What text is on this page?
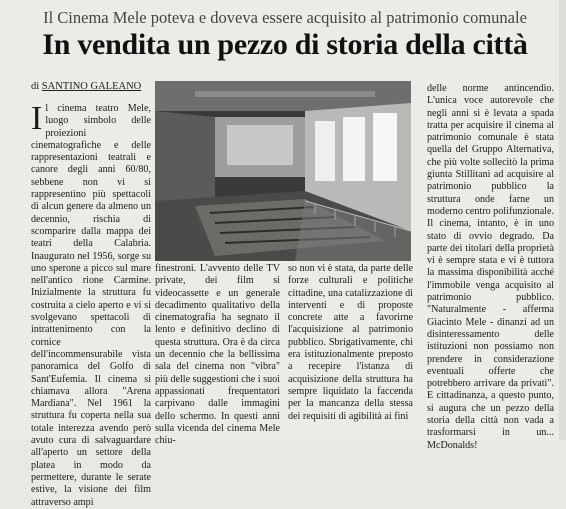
Il Cinema Mele poteva e doveva essere acquisito al patrimonio comunale
In vendita un pezzo di storia della città
di SANTINO GALEANO
I l cinema teatro Mele, luogo simbolo delle proiezioni cinematografiche e delle rappresentazioni teatrali e canore degli anni 60/80, sebbene non vi si rappresentino più spettacoli di alcun genere da almeno un decennio, rischia di scomparire dalla mappa dei teatri della Calabria. Inaugurato nel 1956, sorge su uno sperone a picco sul mare nell'antico rione Carmine. Inizialmente la struttura fu costruita a cielo aperto e vi si svolgevano spettacoli di intrattenimento con la cornice dell'incommensurabile vista panoramica del Golfo di Sant'Eufemia. Il cinema si chiamava allora "Arena Mardiana". Nel 1961 la struttura fu coperta nella sua totale interezza avendo però avuto cura di salvaguardare all'aperto un settore della platea in modo da permettere, durante le serate estive, la visione dei film attraverso ampi

finestroni. L'avvento delle TV private, dei film si videocassette e un generale decadimento qualitativo della cinematografia ha segnato il lento e definitivo declino di questa struttura. Ora è da circa un decennio che la bellissima sala del cinema non "vibra" più delle suggestioni che i suoi appassionati frequentatori carpivano dalle immagini dello schermo. In questi anni sulla vicenda del cinema Mele chiu-

so non vi è stata, da parte delle forze culturali e politiche cittadine, una catalizzazione di interventi e di proposte concrete atte a favorirne l'acquisizione al patrimonio pubblico. Sbrigativamente, chi era istituzionalmente preposto a recepire l'istanza di acquisizione della struttura ha sempre liquidato la faccenda per la mancanza della stessa dei requisiti di agibilità ai fini

delle norme antincendio. L'unica voce autorevole che negli anni si è levata a spada tratta per acquisire il cinema al patrimonio comunale è stata quella del Gruppo Alternativa, che più volte sollecitò la prima giunta Stillitani ad acquisire al patrimonio pubblico la struttura onde farne un moderno centro polifunzionale. Il cinema, intanto, è in uno stato di ovvio degrado. Da parte dei titolari della proprietà vi è sempre stata e vi è tuttora la massima disponibilità acché l'immobile venga acquisito al patrimonio pubblico. "Naturalmente - afferma Giacinto Mele - dinanzi ad un disinteressamento delle istituzioni non possiamo non prendere in considerazione eventuali offerte che potrebbero arrivare da privati". E cittadinanza, a questo punto, si augura che un pezzo della storia della città non vada a trasformarsi in un... McDonalds!
